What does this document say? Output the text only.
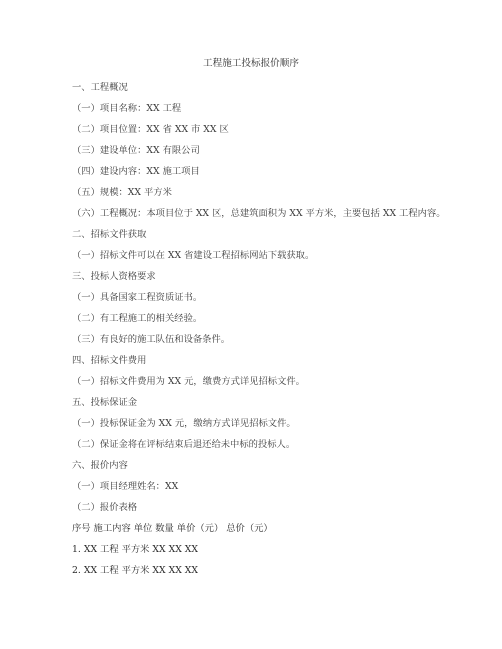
工程施工投标报价顺序
一、工程概况
（一）项目名称：XX 工程
（二）项目位置：XX 省 XX 市 XX 区
（三）建设单位：XX 有限公司
（四）建设内容：XX 施工项目
（五）规模：XX 平方米
（六）工程概况：本项目位于 XX 区，总建筑面积为 XX 平方米，主要包括 XX 工程内容。
二、招标文件获取
（一）招标文件可以在 XX 省建设工程招标网站下载获取。
三、投标人资格要求
（一）具备国家工程资质证书。
（二）有工程施工的相关经验。
（三）有良好的施工队伍和设备条件。
四、招标文件费用
（一）招标文件费用为 XX 元，缴费方式详见招标文件。
五、投标保证金
（一）投标保证金为 XX 元，缴纳方式详见招标文件。
（二）保证金将在评标结束后退还给未中标的投标人。
六、报价内容
（一）项目经理姓名：XX
（二）报价表格
序号 施工内容 单位 数量 单价（元） 总价（元）
1. XX 工程 平方米 XX XX XX
2. XX 工程 平方米 XX XX XX
